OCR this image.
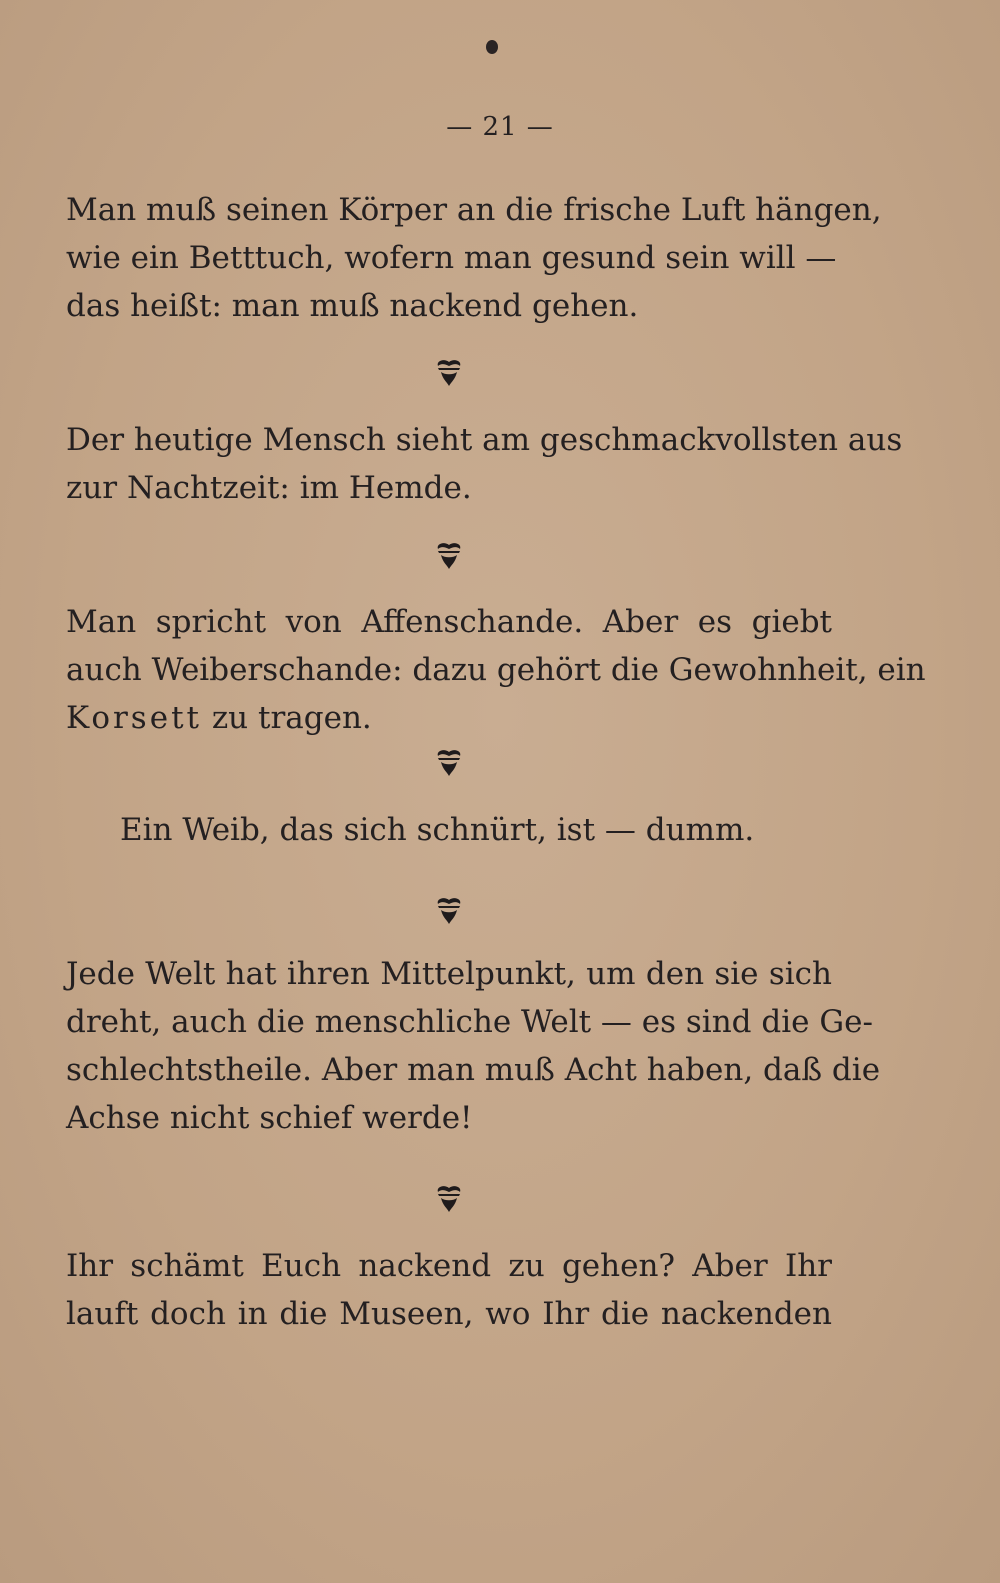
— 21 —
Man muß seinen Körper an die frische Luft hängen,
wie ein Betttuch, wofern man gesund sein will —
das heißt: man muß nackend gehen.
Der heutige Mensch sieht am geschmackvollsten aus
zur Nachtzeit: im Hemde.
Man spricht von Affenschande. Aber es giebt
auch Weiberschande: dazu gehört die Gewohnheit, ein
Korsett zu tragen.
Ein Weib, das sich schnürt, ist — dumm.
Jede Welt hat ihren Mittelpunkt, um den sie sich
dreht, auch die menschliche Welt — es sind die Ge-
schlechtstheile. Aber man muß Acht haben, daß die
Achse nicht schief werde!
Ihr schämt Euch nackend zu gehen? Aber Ihr
lauft doch in die Museen, wo Ihr die nackenden
